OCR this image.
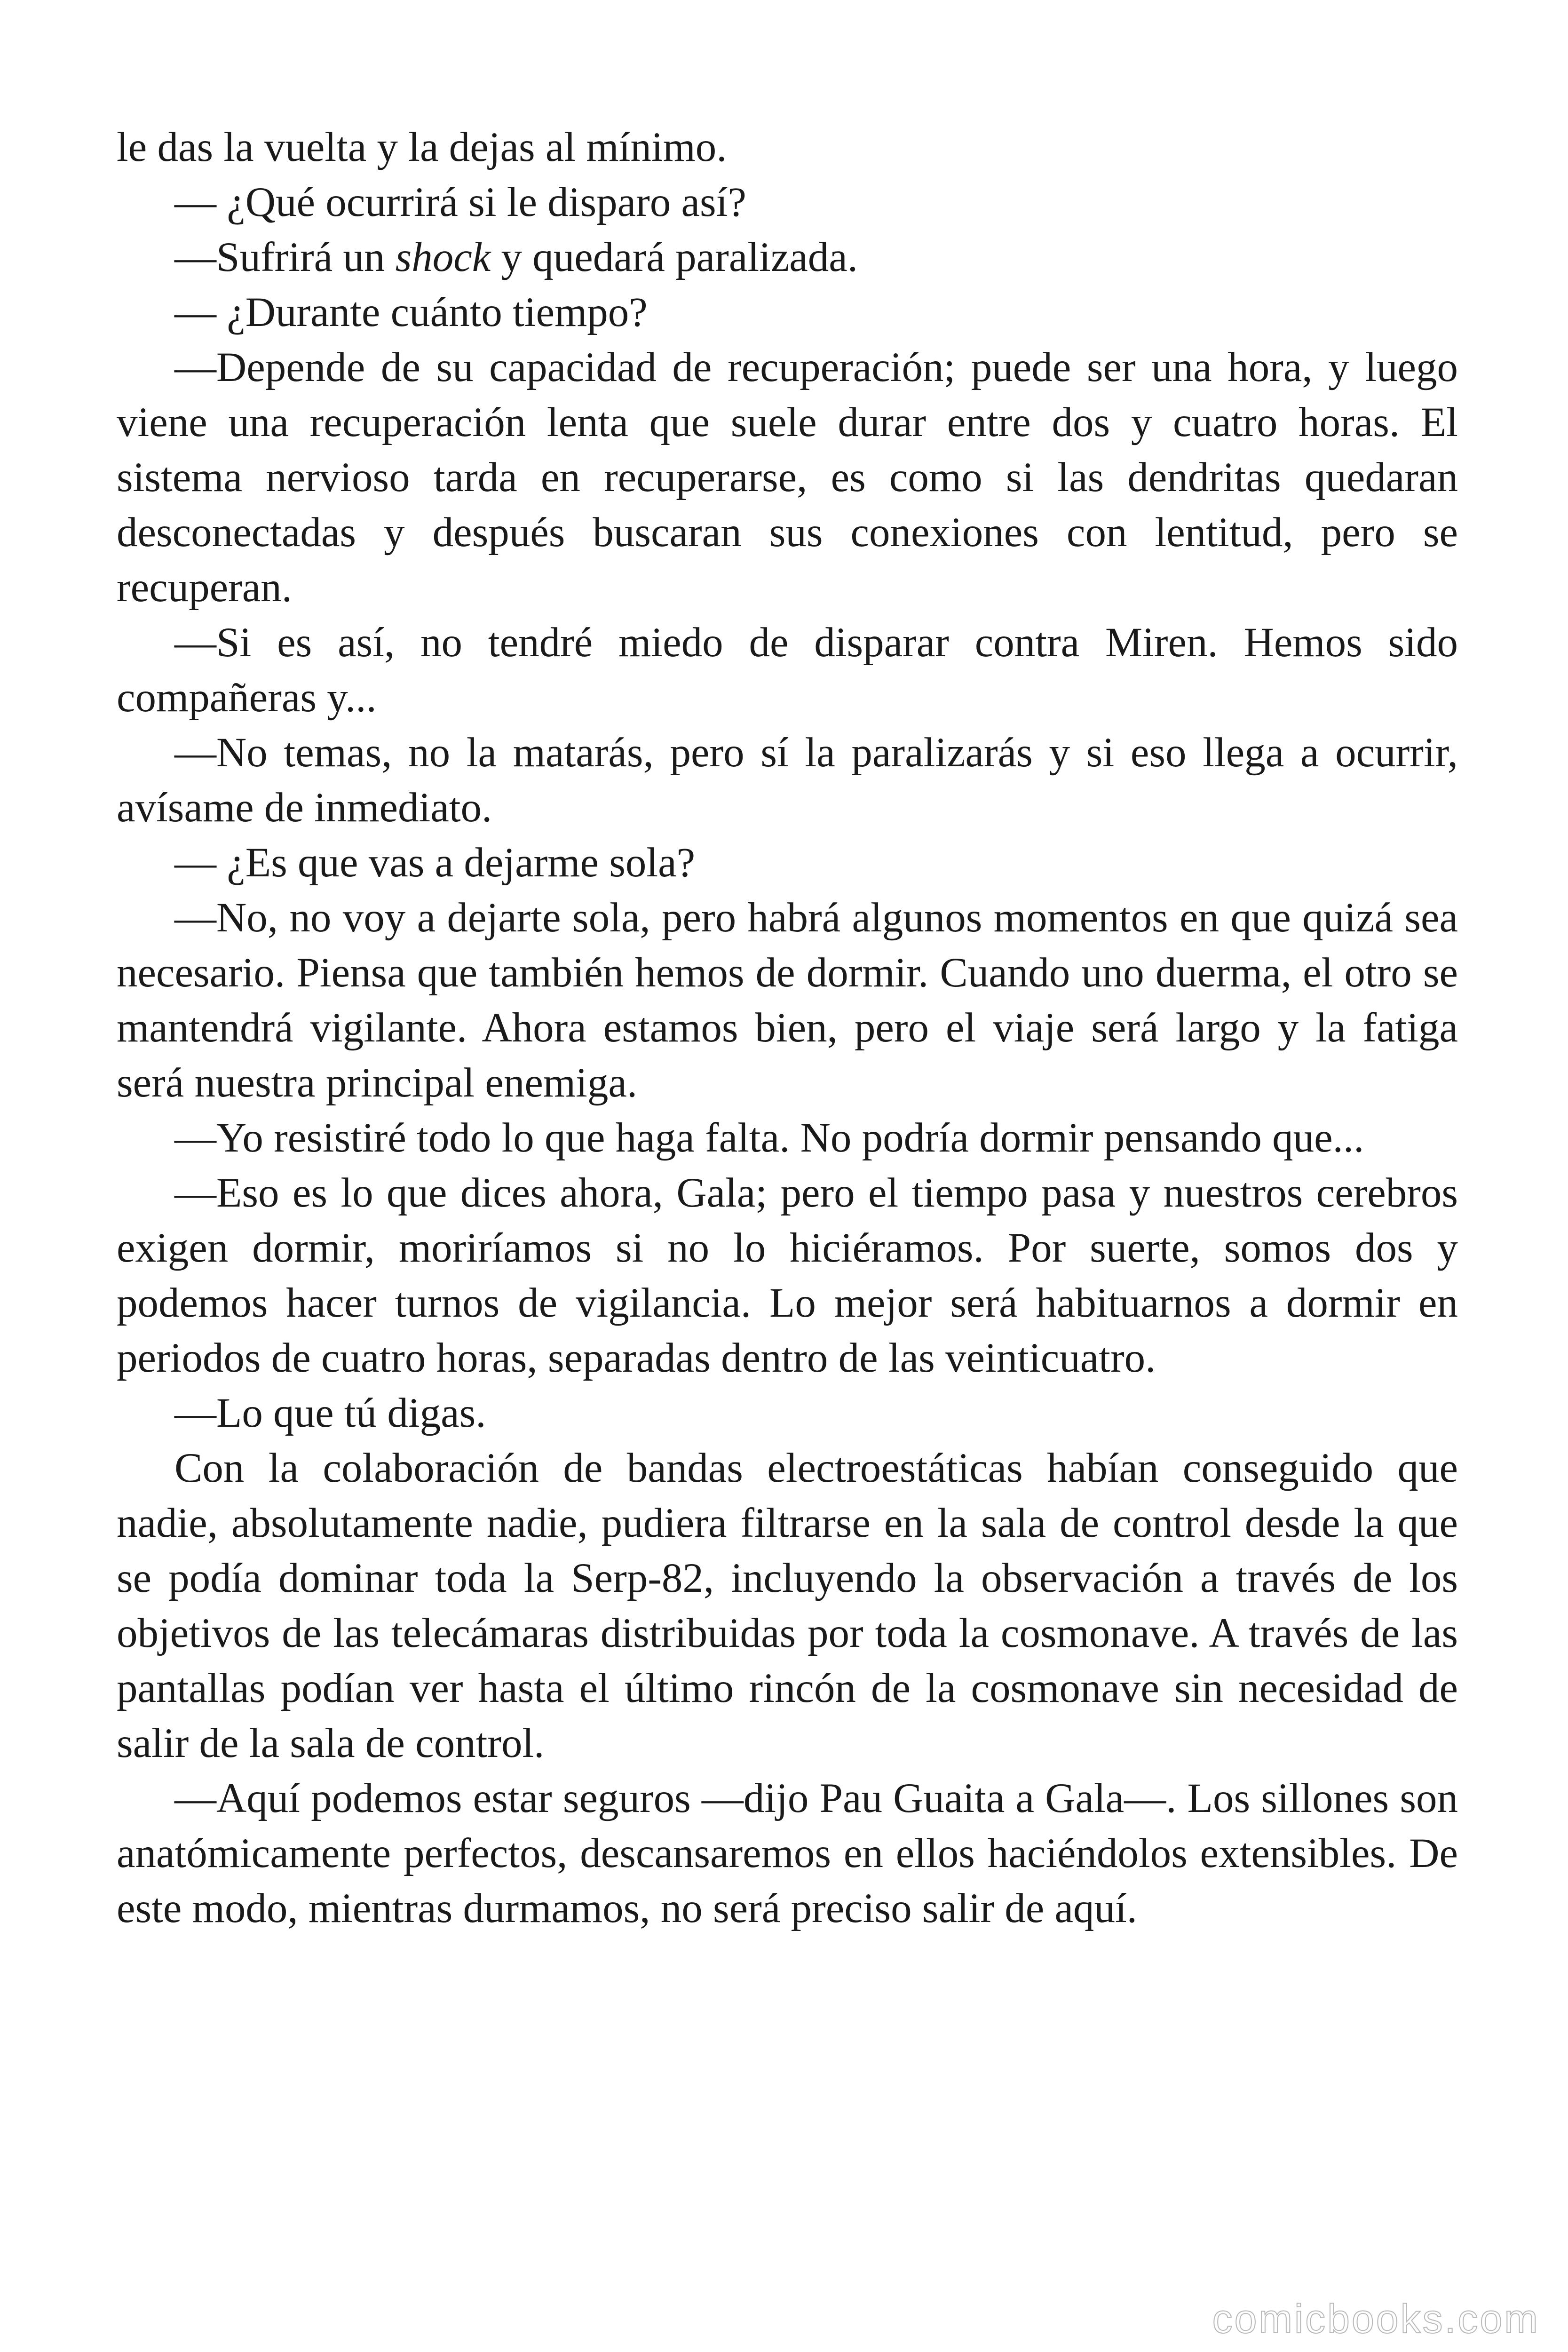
le das la vuelta y la dejas al mínimo.

— ¿Qué ocurrirá si le disparo así?

—Sufrirá un shock y quedará paralizada.

— ¿Durante cuánto tiempo?

—Depende de su capacidad de recuperación; puede ser una hora, y luego viene una recuperación lenta que suele durar entre dos y cuatro horas. El sistema nervioso tarda en recuperarse, es como si las dendritas quedaran desconectadas y después buscaran sus conexiones con lentitud, pero se recuperan.

—Si es así, no tendré miedo de disparar contra Miren. Hemos sido compañeras y...

—No temas, no la matarás, pero sí la paralizarás y si eso llega a ocurrir, avísame de inmediato.

— ¿Es que vas a dejarme sola?

—No, no voy a dejarte sola, pero habrá algunos momentos en que quizá sea necesario. Piensa que también hemos de dormir. Cuando uno duerma, el otro se mantendrá vigilante. Ahora estamos bien, pero el viaje será largo y la fatiga será nuestra principal enemiga.

—Yo resistiré todo lo que haga falta. No podría dormir pensando que...

—Eso es lo que dices ahora, Gala; pero el tiempo pasa y nuestros cerebros exigen dormir, moriríamos si no lo hiciéramos. Por suerte, somos dos y podemos hacer turnos de vigilancia. Lo mejor será habituarnos a dormir en periodos de cuatro horas, separadas dentro de las veinticuatro.

—Lo que tú digas.

Con la colaboración de bandas electroestáticas habían conseguido que nadie, absolutamente nadie, pudiera filtrarse en la sala de control desde la que se podía dominar toda la Serp-82, incluyendo la observación a través de los objetivos de las telecámaras distribuidas por toda la cosmonave. A través de las pantallas podían ver hasta el último rincón de la cosmonave sin necesidad de salir de la sala de control.

—Aquí podemos estar seguros —dijo Pau Guaita a Gala—. Los sillones son anatómicamente perfectos, descansaremos en ellos haciéndolos extensibles. De este modo, mientras durmamos, no será preciso salir de aquí.

comicbooks.com
